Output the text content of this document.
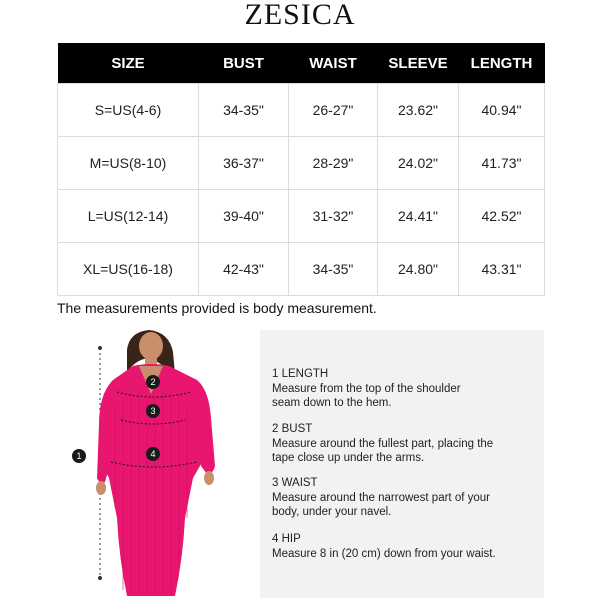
ZESICA
SIZE	BUST	WAIST	SLEEVE	LENGTH
S=US(4-6)	34-35"	26-27"	23.62"	40.94"
M=US(8-10)	36-37"	28-29"	24.02"	41.73"
L=US(12-14)	39-40"	31-32"	24.41"	42.52"
XL=US(16-18)	42-43"	34-35"	24.80"	43.31"
The measurements provided is body measurement.
1
2
3
4
1 LENGTH
Measure from the top of the shoulder seam down to the hem.
2 BUST
Measure around the fullest part, placing the tape close up under the arms.
3 WAIST
Measure around the narrowest part of your body, under your navel.
4 HIP
Measure 8 in (20 cm) down from your waist.
